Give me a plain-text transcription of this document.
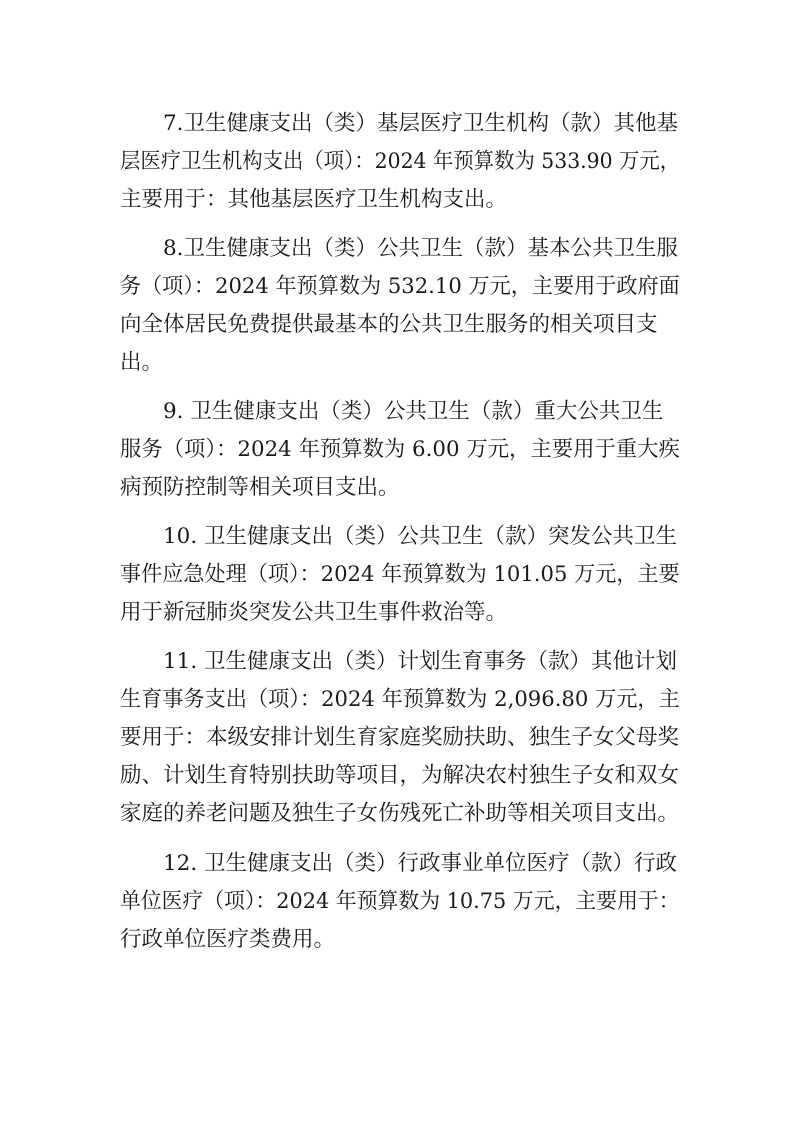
7.卫生健康支出（类）基层医疗卫生机构（款）其他基
层医疗卫生机构支出（项）：2024 年预算数为 533.90 万元，
主要用于：其他基层医疗卫生机构支出。
8.卫生健康支出（类）公共卫生（款）基本公共卫生服
务（项）：2024 年预算数为 532.10 万元，主要用于政府面
向全体居民免费提供最基本的公共卫生服务的相关项目支
出。
9. 卫生健康支出（类）公共卫生（款）重大公共卫生
服务（项）：2024 年预算数为 6.00 万元，主要用于重大疾
病预防控制等相关项目支出。
10. 卫生健康支出（类）公共卫生（款）突发公共卫生
事件应急处理（项）：2024 年预算数为 101.05 万元，主要
用于新冠肺炎突发公共卫生事件救治等。
11. 卫生健康支出（类）计划生育事务（款）其他计划
生育事务支出（项）：2024 年预算数为 2,096.80 万元，主
要用于：本级安排计划生育家庭奖励扶助、独生子女父母奖
励、计划生育特别扶助等项目，为解决农村独生子女和双女
家庭的养老问题及独生子女伤残死亡补助等相关项目支出。
12. 卫生健康支出（类）行政事业单位医疗（款）行政
单位医疗（项）：2024 年预算数为 10.75 万元，主要用于：
行政单位医疗类费用。
